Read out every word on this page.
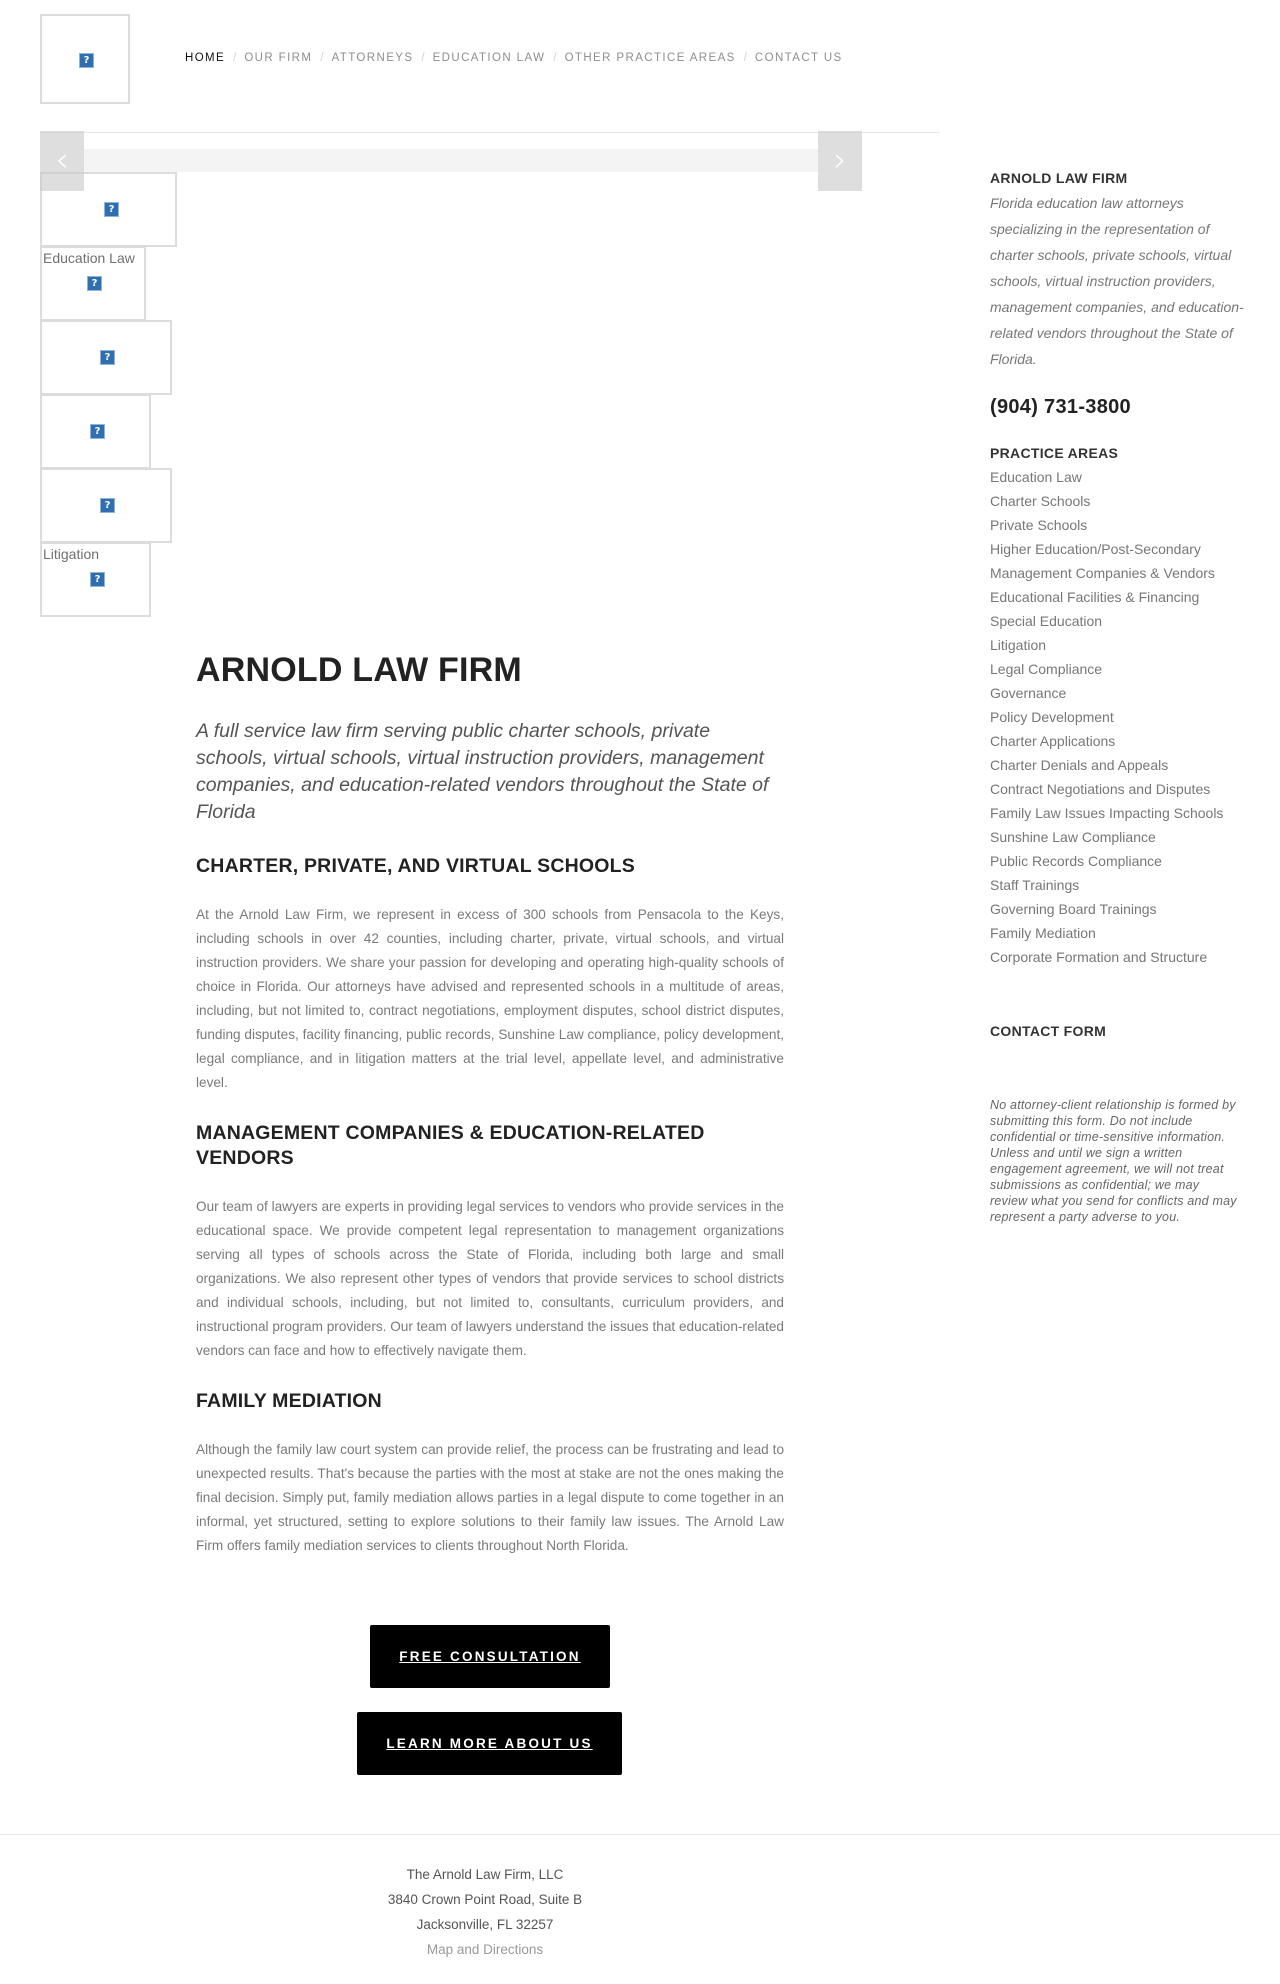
?	HOME / OUR FIRM / ATTORNEYS / EDUCATION LAW / OTHER PRACTICE AREAS / CONTACT US
?
Education Law
?
?
?
?
Litigation
?
‹	›
ARNOLD LAW FIRM

A full service law firm serving public charter schools, private schools, virtual schools, virtual instruction providers, management companies, and education-related vendors throughout the State of Florida

CHARTER, PRIVATE, AND VIRTUAL SCHOOLS

At the Arnold Law Firm, we represent in excess of 300 schools from Pensacola to the Keys, including schools in over 42 counties, including charter, private, virtual schools, and virtual instruction providers. We share your passion for developing and operating high-quality schools of choice in Florida. Our attorneys have advised and represented schools in a multitude of areas, including, but not limited to, contract negotiations, employment disputes, school district disputes, funding disputes, facility financing, public records, Sunshine Law compliance, policy development, legal compliance, and in litigation matters at the trial level, appellate level, and administrative level.

MANAGEMENT COMPANIES & EDUCATION-RELATED VENDORS

Our team of lawyers are experts in providing legal services to vendors who provide services in the educational space. We provide competent legal representation to management organizations serving all types of schools across the State of Florida, including both large and small organizations. We also represent other types of vendors that provide services to school districts and individual schools, including, but not limited to, consultants, curriculum providers, and instructional program providers. Our team of lawyers understand the issues that education-related vendors can face and how to effectively navigate them.

FAMILY MEDIATION

Although the family law court system can provide relief, the process can be frustrating and lead to unexpected results. That's because the parties with the most at stake are not the ones making the final decision. Simply put, family mediation allows parties in a legal dispute to come together in an informal, yet structured, setting to explore solutions to their family law issues. The Arnold Law Firm offers family mediation services to clients throughout North Florida.

FREE CONSULTATION
LEARN MORE ABOUT US
ARNOLD LAW FIRM

Florida education law attorneys specializing in the representation of charter schools, private schools, virtual schools, virtual instruction providers, management companies, and education-related vendors throughout the State of Florida.

(904) 731-3800
PRACTICE AREAS
Education Law
Charter Schools
Private Schools
Higher Education/Post-Secondary
Management Companies & Vendors
Educational Facilities & Financing
Special Education
Litigation
Legal Compliance
Governance
Policy Development
Charter Applications
Charter Denials and Appeals
Contract Negotiations and Disputes
Family Law Issues Impacting Schools
Sunshine Law Compliance
Public Records Compliance
Staff Trainings
Governing Board Trainings
Family Mediation
Corporate Formation and Structure
CONTACT FORM

No attorney-client relationship is formed by submitting this form. Do not include confidential or time-sensitive information. Unless and until we sign a written engagement agreement, we will not treat submissions as confidential; we may review what you send for conflicts and may represent a party adverse to you.

The Arnold Law Firm, LLC
3840 Crown Point Road, Suite B
Jacksonville, FL 32257
Map and Directions
